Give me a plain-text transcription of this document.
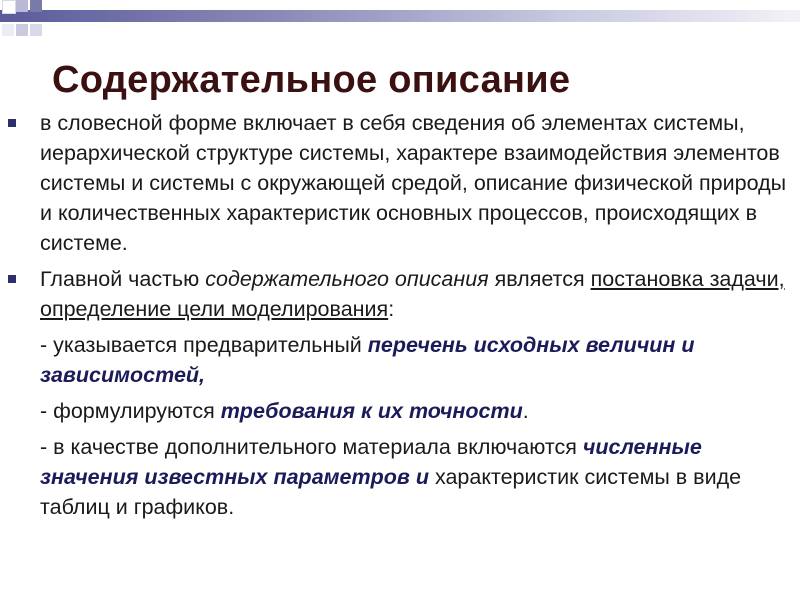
Содержательное описание
в словесной форме включает в себя сведения об элементах системы, иерархической структуре системы, характере взаимодействия элементов системы и системы с окружающей средой, описание физической природы и количественных характеристик основных процессов, происходящих в системе.
Главной частью содержательного описания является постановка задачи, определение цели моделирования:
- указывается предварительный перечень исходных величин и зависимостей,
- формулируются требования к их точности.
- в качестве дополнительного материала включаются численные значения известных параметров и характеристик системы в виде таблиц и графиков.
